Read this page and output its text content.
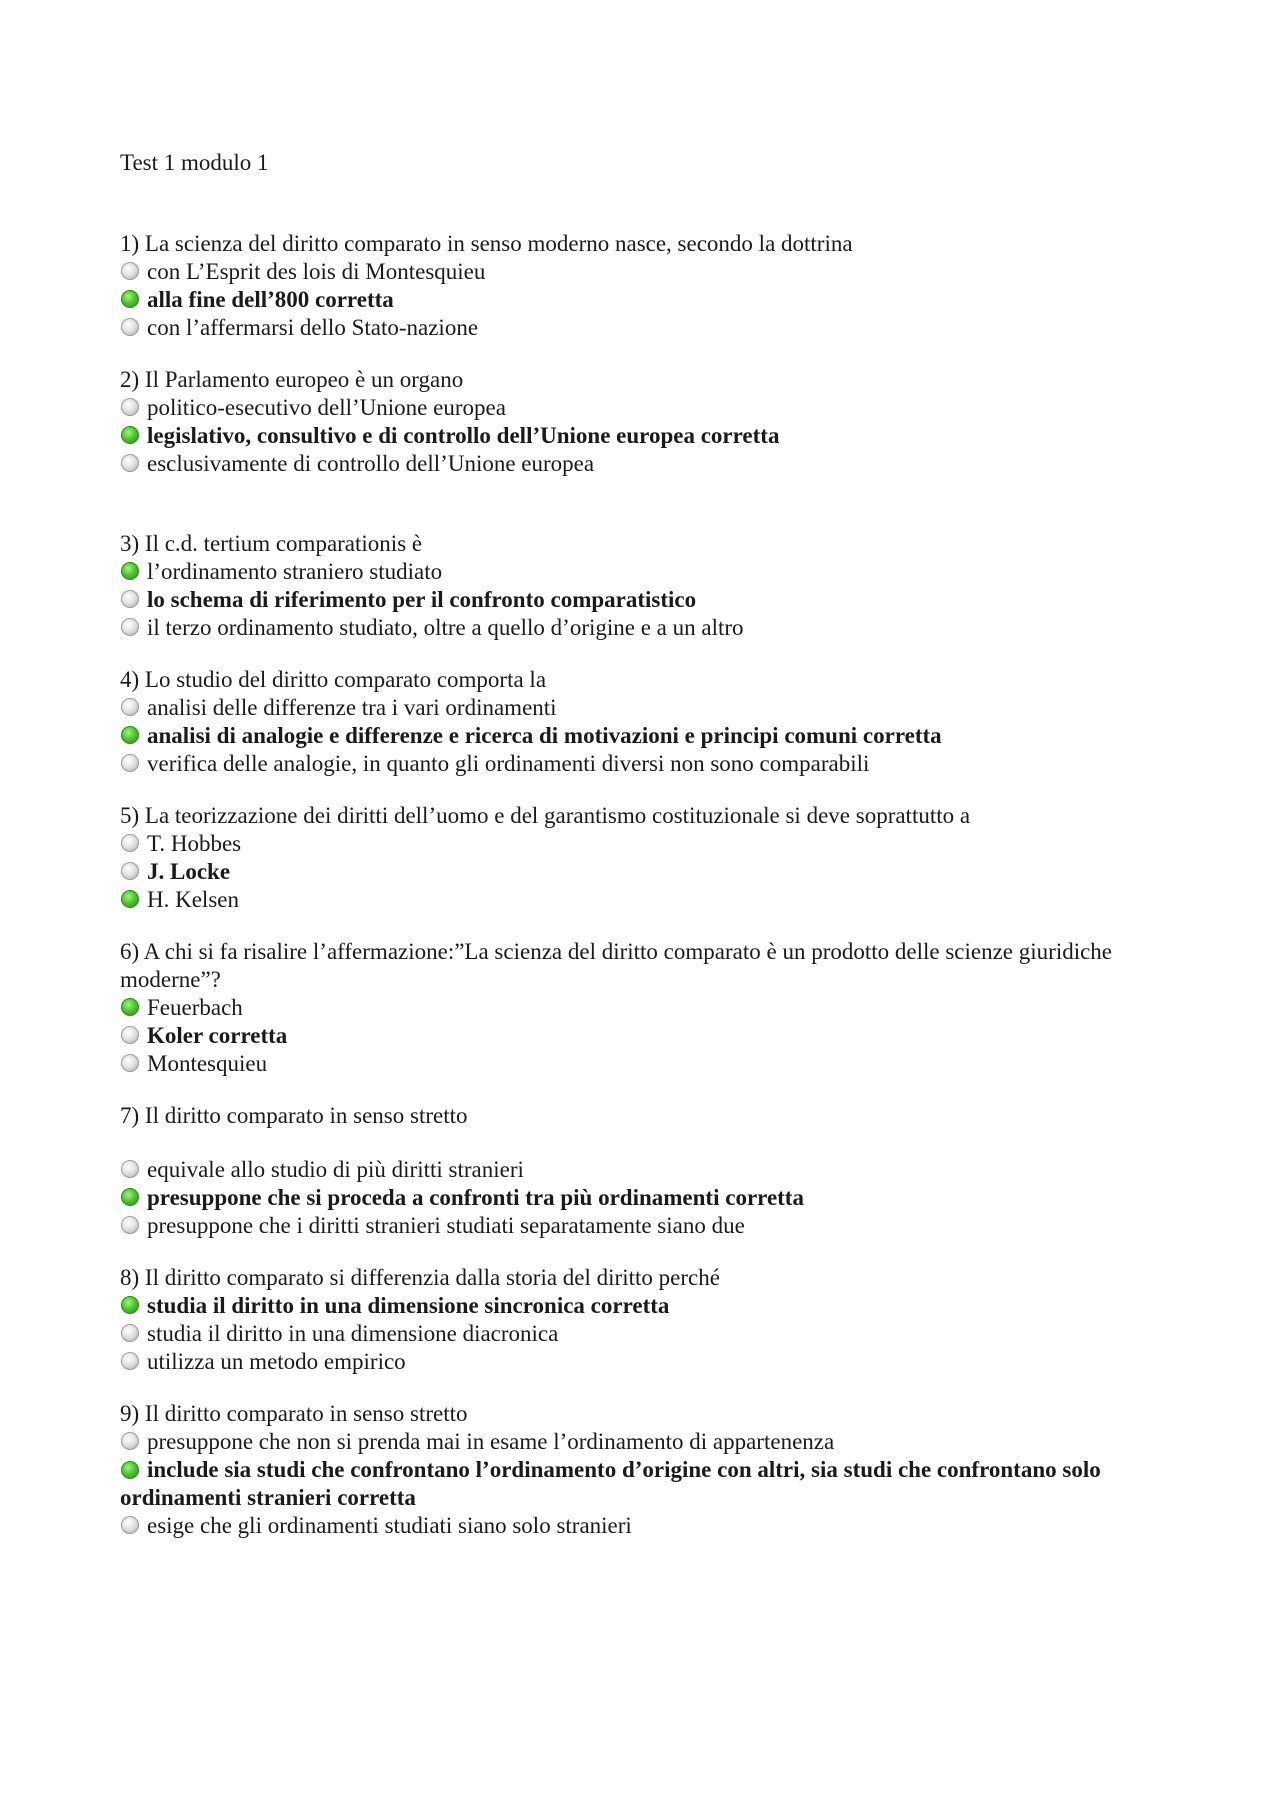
Test 1 modulo 1
1) La scienza del diritto comparato in senso moderno nasce, secondo la dottrina
con L’Esprit des lois di Montesquieu
alla fine dell’800 corretta
con l’affermarsi dello Stato-nazione
2) Il Parlamento europeo è un organo
politico-esecutivo dell’Unione europea
legislativo, consultivo e di controllo dell’Unione europea corretta
esclusivamente di controllo dell’Unione europea
3) Il c.d. tertium comparationis è
l’ordinamento straniero studiato
lo schema di riferimento per il confronto comparatistico
il terzo ordinamento studiato, oltre a quello d’origine e a un altro
4) Lo studio del diritto comparato comporta la
analisi delle differenze tra i vari ordinamenti
analisi di analogie e differenze e ricerca di motivazioni e principi comuni corretta
verifica delle analogie, in quanto gli ordinamenti diversi non sono comparabili
5) La teorizzazione dei diritti dell’uomo e del garantismo costituzionale si deve soprattutto a
T. Hobbes
J. Locke
H. Kelsen
6) A chi si fa risalire l’affermazione:”La scienza del diritto comparato è un prodotto delle scienze giuridiche moderne”?
Feuerbach
Koler corretta
Montesquieu
7) Il diritto comparato in senso stretto
equivale allo studio di più diritti stranieri
presuppone che si proceda a confronti tra più ordinamenti corretta
presuppone che i diritti stranieri studiati separatamente siano due
8) Il diritto comparato si differenzia dalla storia del diritto perché
studia il diritto in una dimensione sincronica corretta
studia il diritto in una dimensione diacronica
utilizza un metodo empirico
9) Il diritto comparato in senso stretto
presuppone che non si prenda mai in esame l’ordinamento di appartenenza
include sia studi che confrontano l’ordinamento d’origine con altri, sia studi che confrontano solo ordinamenti stranieri corretta
esige che gli ordinamenti studiati siano solo stranieri
